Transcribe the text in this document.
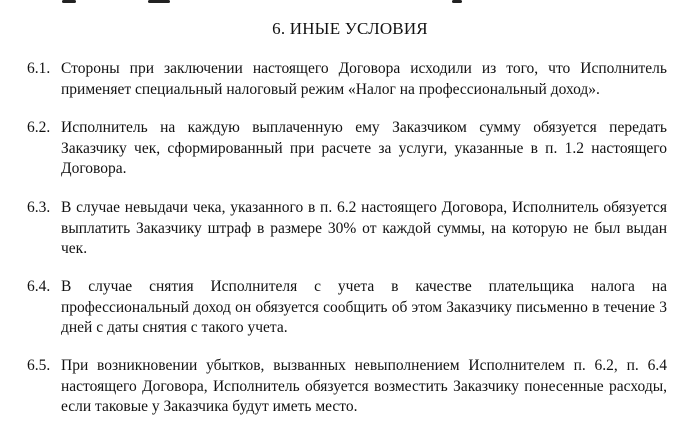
6. ИНЫЕ УСЛОВИЯ
6.1. Стороны при заключении настоящего Договора исходили из того, что Исполнитель применяет специальный налоговый режим «Налог на профессиональный доход».
6.2. Исполнитель на каждую выплаченную ему Заказчиком сумму обязуется передать Заказчику чек, сформированный при расчете за услуги, указанные в п. 1.2 настоящего Договора.
6.3. В случае невыдачи чека, указанного в п. 6.2 настоящего Договора, Исполнитель обязуется выплатить Заказчику штраф в размере 30% от каждой суммы, на которую не был выдан чек.
6.4. В случае снятия Исполнителя с учета в качестве плательщика налога на профессиональный доход он обязуется сообщить об этом Заказчику письменно в течение 3 дней с даты снятия с такого учета.
6.5. При возникновении убытков, вызванных невыполнением Исполнителем п. 6.2, п. 6.4 настоящего Договора, Исполнитель обязуется возместить Заказчику понесенные расходы, если таковые у Заказчика будут иметь место.
